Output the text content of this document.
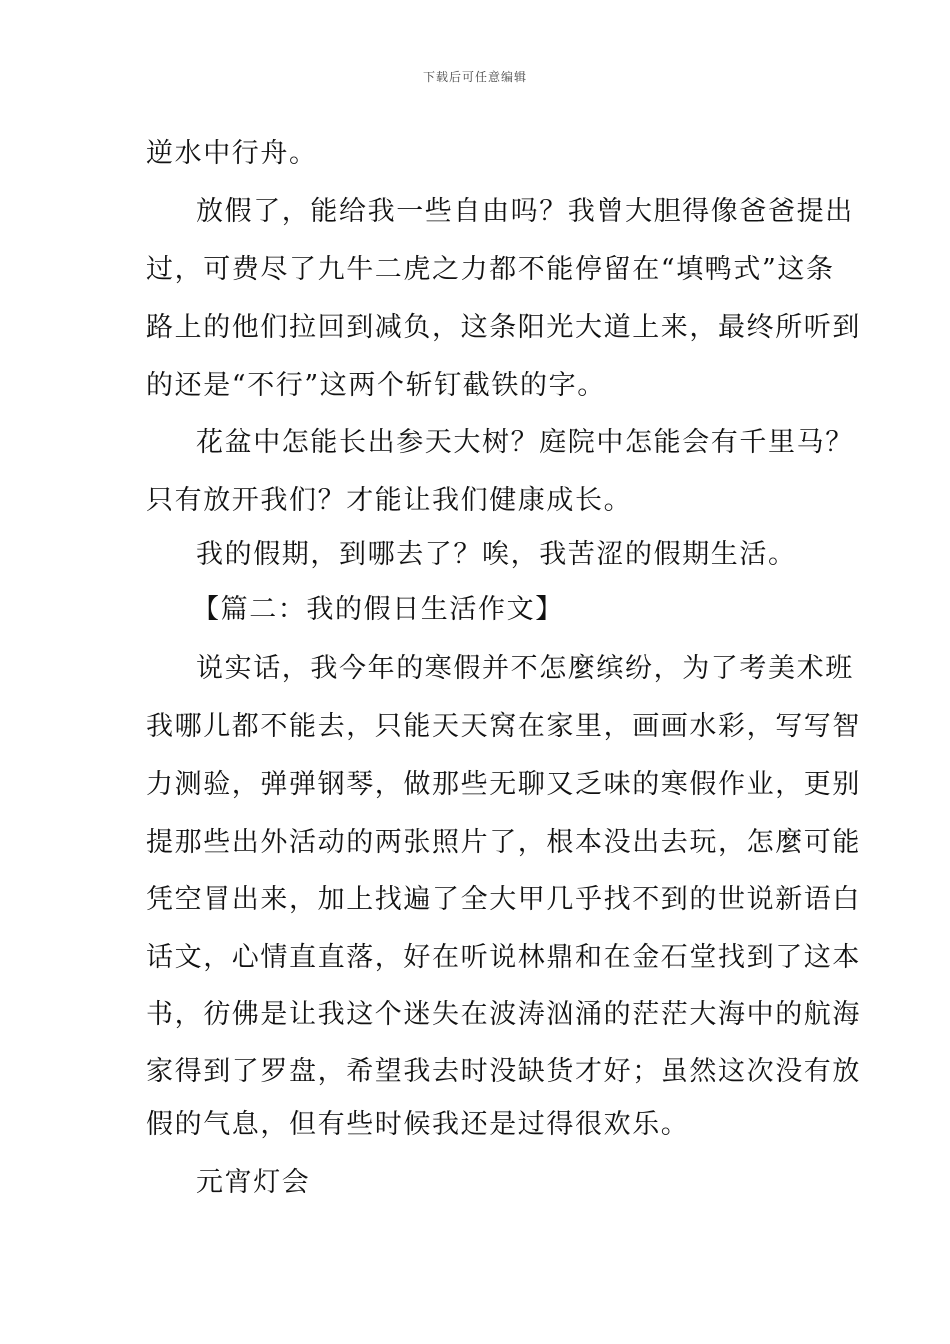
下载后可任意编辑
逆水中行舟。
放假了，能给我一些自由吗？我曾大胆得像爸爸提出
过，可费尽了九牛二虎之力都不能停留在“填鸭式”这条
路上的他们拉回到减负，这条阳光大道上来，最终所听到
的还是“不行”这两个斩钉截铁的字。
花盆中怎能长出参天大树？庭院中怎能会有千里马？
只有放开我们？才能让我们健康成长。
我的假期，到哪去了？唉，我苦涩的假期生活。
【篇二：我的假日生活作文】
说实话，我今年的寒假并不怎麼缤纷，为了考美术班
我哪儿都不能去，只能天天窝在家里，画画水彩，写写智
力测验，弹弹钢琴，做那些无聊又乏味的寒假作业，更别
提那些出外活动的两张照片了，根本没出去玩，怎麼可能
凭空冒出来，加上找遍了全大甲几乎找不到的世说新语白
话文，心情直直落，好在听说林鼎和在金石堂找到了这本
书，彷佛是让我这个迷失在波涛汹涌的茫茫大海中的航海
家得到了罗盘，希望我去时没缺货才好；虽然这次没有放
假的气息，但有些时候我还是过得很欢乐。
元宵灯会
